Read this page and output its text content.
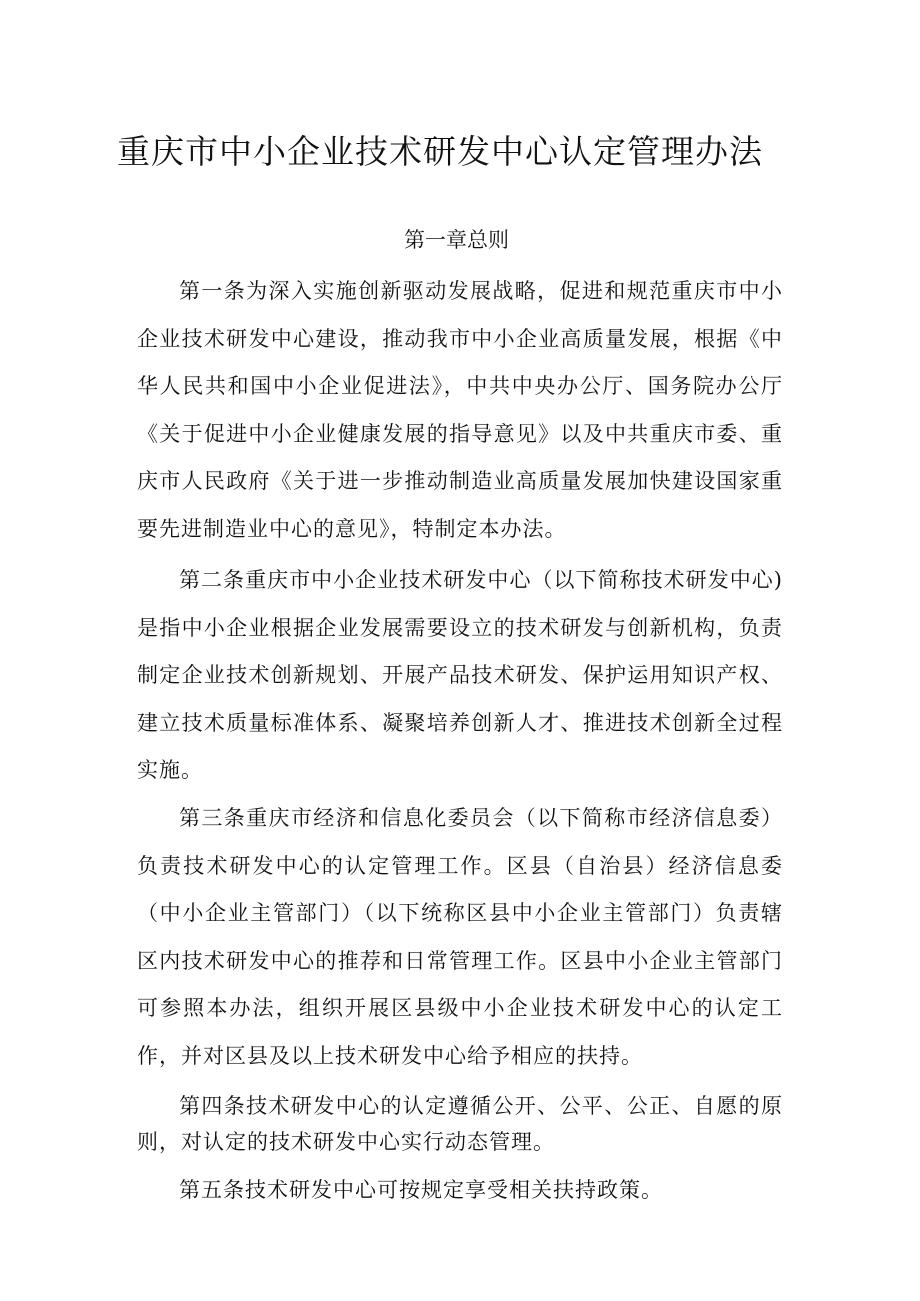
重庆市中小企业技术研发中心认定管理办法
第一章总则

第一条为深入实施创新驱动发展战略，促进和规范重庆市中小企业技术研发中心建设，推动我市中小企业高质量发展，根据《中华人民共和国中小企业促进法》，中共中央办公厅、国务院办公厅《关于促进中小企业健康发展的指导意见》以及中共重庆市委、重庆市人民政府《关于进一步推动制造业高质量发展加快建设国家重要先进制造业中心的意见》，特制定本办法。

第二条重庆市中小企业技术研发中心（以下简称技术研发中心)是指中小企业根据企业发展需要设立的技术研发与创新机构，负责制定企业技术创新规划、开展产品技术研发、保护运用知识产权、建立技术质量标准体系、凝聚培养创新人才、推进技术创新全过程实施。

第三条重庆市经济和信息化委员会（以下简称市经济信息委）负责技术研发中心的认定管理工作。区县（自治县）经济信息委（中小企业主管部门）（以下统称区县中小企业主管部门）负责辖区内技术研发中心的推荐和日常管理工作。区县中小企业主管部门可参照本办法，组织开展区县级中小企业技术研发中心的认定工作，并对区县及以上技术研发中心给予相应的扶持。

第四条技术研发中心的认定遵循公开、公平、公正、自愿的原则，对认定的技术研发中心实行动态管理。

第五条技术研发中心可按规定享受相关扶持政策。
